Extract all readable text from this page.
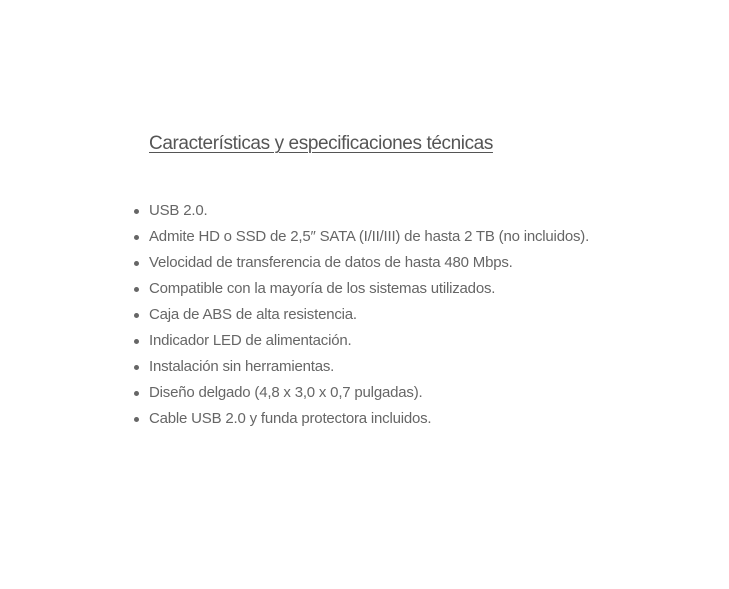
Características y especificaciones técnicas
USB 2.0.
Admite HD o SSD de 2,5″ SATA (I/II/III) de hasta 2 TB (no incluidos).
Velocidad de transferencia de datos de hasta 480 Mbps.
Compatible con la mayoría de los sistemas utilizados.
Caja de ABS de alta resistencia.
Indicador LED de alimentación.
Instalación sin herramientas.
Diseño delgado (4,8 x 3,0 x 0,7 pulgadas).
Cable USB 2.0 y funda protectora incluidos.
